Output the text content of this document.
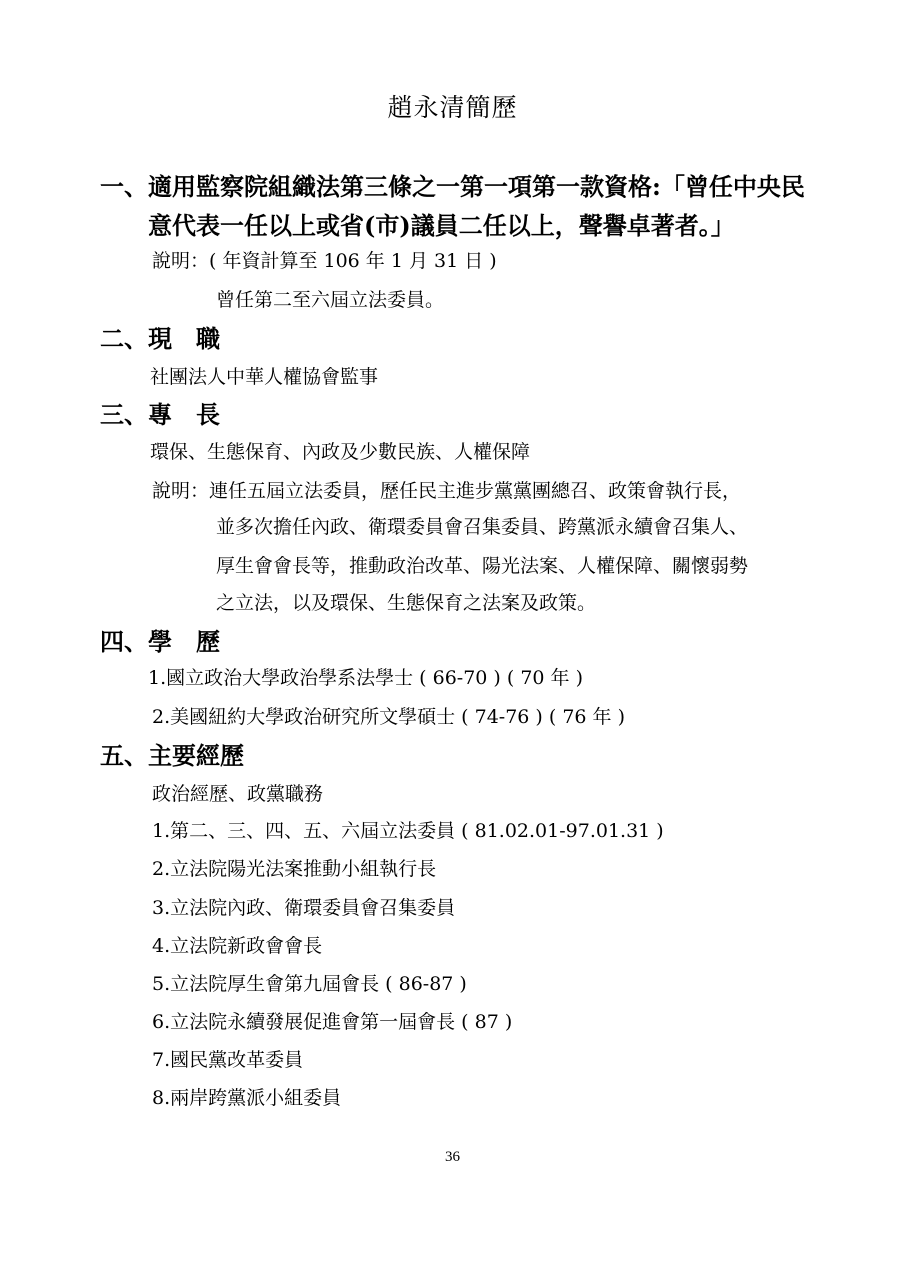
趙永清簡歷
一、適用監察院組織法第三條之一第一項第一款資格:「曾任中央民
意代表一任以上或省(市)議員二任以上，聲譽卓著者。」
說明：( 年資計算至 106 年 1 月 31 日 )
曾任第二至六屆立法委員。
二、現　職
社團法人中華人權協會監事
三、專　長
環保、生態保育、內政及少數民族、人權保障
說明：連任五屆立法委員，歷任民主進步黨黨團總召、政策會執行長，
並多次擔任內政、衛環委員會召集委員、跨黨派永續會召集人、
厚生會會長等，推動政治改革、陽光法案、人權保障、關懷弱勢
之立法，以及環保、生態保育之法案及政策。
四、學　歷
1.國立政治大學政治學系法學士 ( 66-70 ) ( 70 年 )
2.美國紐約大學政治研究所文學碩士 ( 74-76 ) ( 76 年 )
五、主要經歷
政治經歷、政黨職務
1.第二、三、四、五、六屆立法委員 ( 81.02.01-97.01.31 )
2.立法院陽光法案推動小組執行長
3.立法院內政、衛環委員會召集委員
4.立法院新政會會長
5.立法院厚生會第九屆會長 ( 86-87 )
6.立法院永續發展促進會第一屆會長 ( 87 )
7.國民黨改革委員
8.兩岸跨黨派小組委員
36
